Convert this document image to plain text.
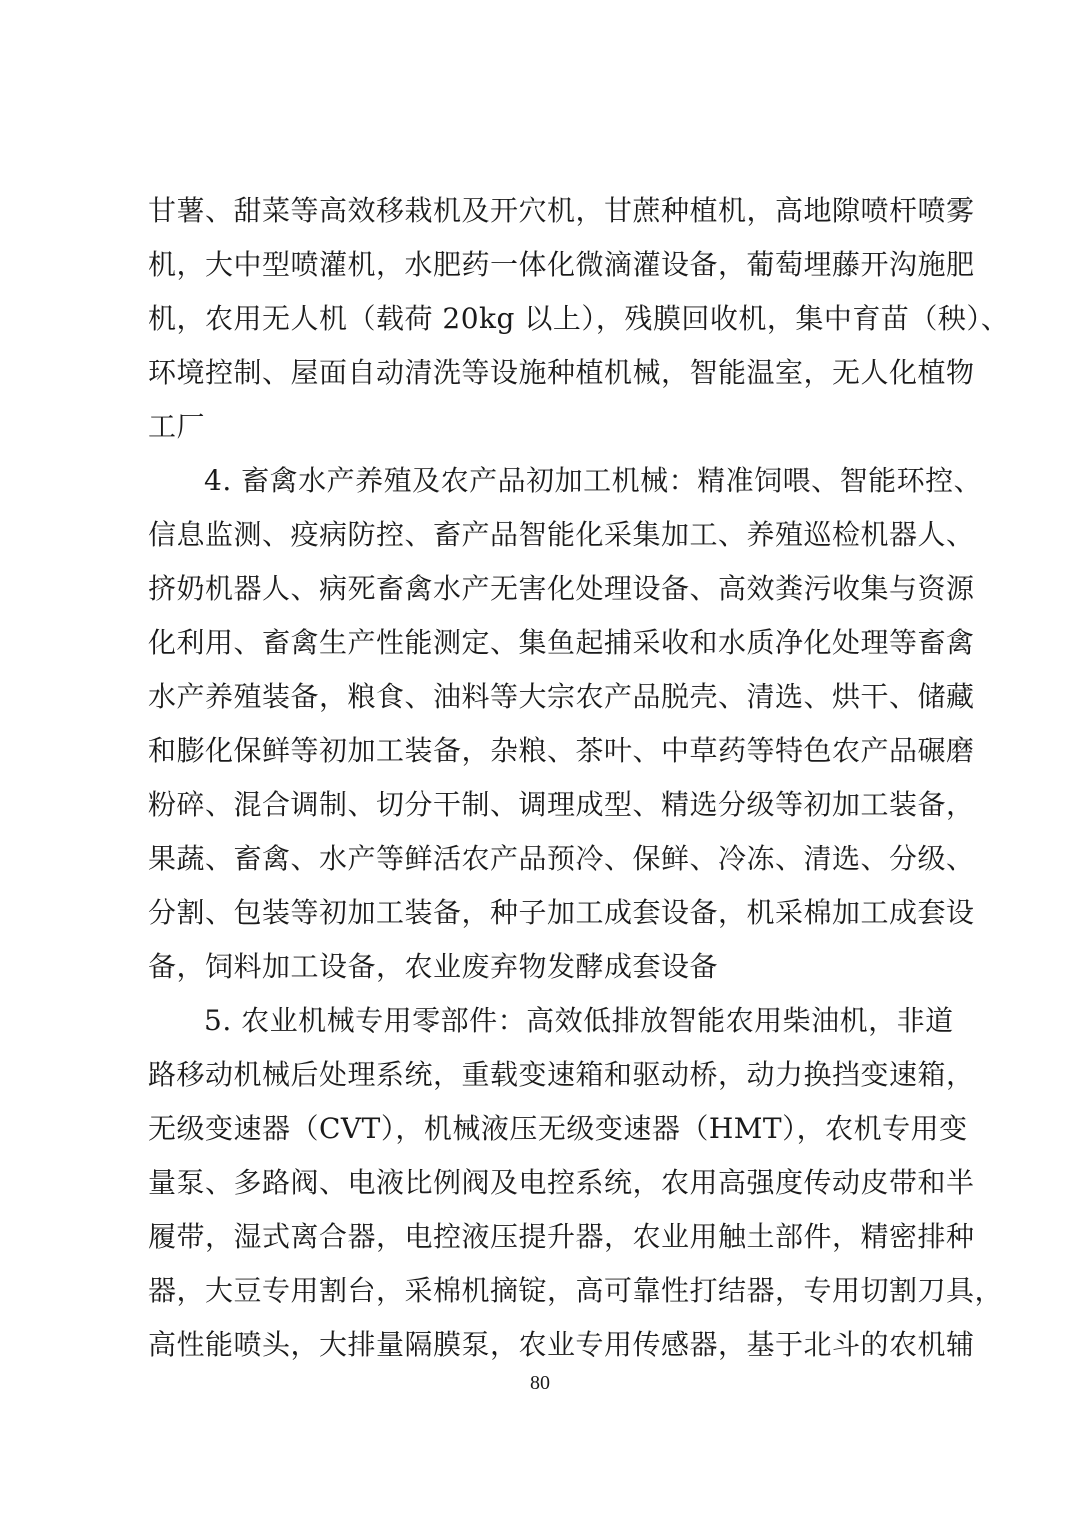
甘薯、甜菜等高效移栽机及开穴机，甘蔗种植机，高地隙喷杆喷雾
机，大中型喷灌机，水肥药一体化微滴灌设备，葡萄埋藤开沟施肥
机，农用无人机（载荷 20kg 以上），残膜回收机，集中育苗（秧）、
环境控制、屋面自动清洗等设施种植机械，智能温室，无人化植物
工厂
4. 畜禽水产养殖及农产品初加工机械：精准饲喂、智能环控、
信息监测、疫病防控、畜产品智能化采集加工、养殖巡检机器人、
挤奶机器人、病死畜禽水产无害化处理设备、高效粪污收集与资源
化利用、畜禽生产性能测定、集鱼起捕采收和水质净化处理等畜禽
水产养殖装备，粮食、油料等大宗农产品脱壳、清选、烘干、储藏
和膨化保鲜等初加工装备，杂粮、茶叶、中草药等特色农产品碾磨
粉碎、混合调制、切分干制、调理成型、精选分级等初加工装备，
果蔬、畜禽、水产等鲜活农产品预冷、保鲜、冷冻、清选、分级、
分割、包装等初加工装备，种子加工成套设备，机采棉加工成套设
备，饲料加工设备，农业废弃物发酵成套设备
5. 农业机械专用零部件：高效低排放智能农用柴油机，非道
路移动机械后处理系统，重载变速箱和驱动桥，动力换挡变速箱，
无级变速器（CVT），机械液压无级变速器（HMT），农机专用变
量泵、多路阀、电液比例阀及电控系统，农用高强度传动皮带和半
履带，湿式离合器，电控液压提升器，农业用触土部件，精密排种
器，大豆专用割台，采棉机摘锭，高可靠性打结器，专用切割刀具，
高性能喷头，大排量隔膜泵，农业专用传感器，基于北斗的农机辅
80
